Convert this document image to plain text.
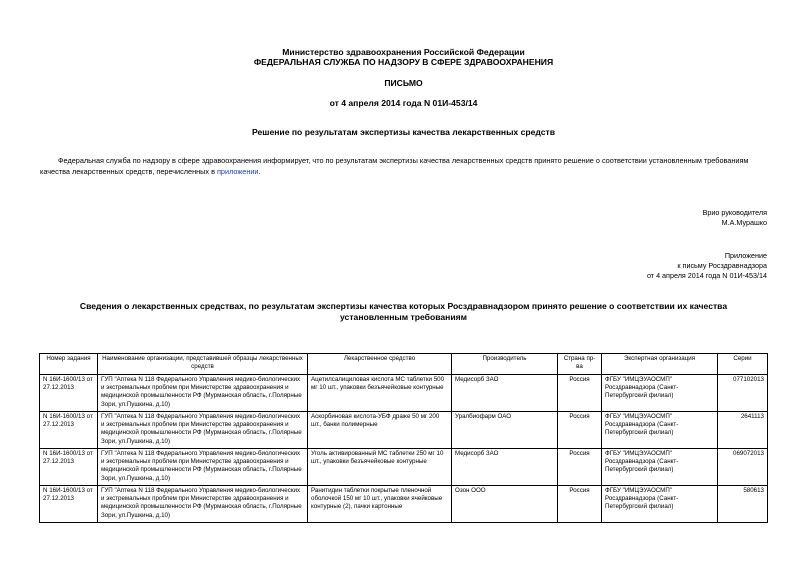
Министерство здравоохранения Российской Федерации
ФЕДЕРАЛЬНАЯ СЛУЖБА ПО НАДЗОРУ В СФЕРЕ ЗДРАВООХРАНЕНИЯ
ПИСЬМО
от 4 апреля 2014 года N 01И-453/14
Решение по результатам экспертизы качества лекарственных средств
Федеральная служба по надзору в сфере здравоохранения информирует, что по результатам экспертизы качества лекарственных средств принято решение о соответствии установленным требованиям качества лекарственных средств, перечисленных в приложении.
Врио руководителя
М.А.Мурашко
Приложение
к письму Росздравнадзора
от 4 апреля 2014 года N 01И-453/14
Сведения о лекарственных средствах, по результатам экспертизы качества которых Росздравнадзором принято решение о соответствии их качества установленным требованиям
Номер задания	Наименование организации, представившей образцы лекарственных средств	Лекарственное средство	Производитель	Страна пр-ва	Экспертная организация	Серии
N 16И-1600/13 от 27.12.2013	ГУП "Аптека N 118 Федерального Управления медико-биологических и экстремальных проблем при Министерстве здравоохранения и медицинской промышленности РФ (Мурманская область, г.Полярные Зори, ул.Пушкина, д.10)	Ацетилсалициловая кислота МС таблетки 500 мг 10 шт., упаковки безъячейковые контурные	Медисорб ЗАО	Россия	ФГБУ "ИМЦЭУАОСМП" Росздравнадзора (Санкт-Петербургский филиал)	077102013
N 16И-1600/13 от 27.12.2013	ГУП "Аптека N 118 Федерального Управления медико-биологических и экстремальных проблем при Министерстве здравоохранения и медицинской промышленности РФ (Мурманская область, г.Полярные Зори, ул.Пушкина, д.10)	Аскорбиновая кислота-УБФ драже 50 мг 200 шт., банки полимерные	Уралбиофарм ОАО	Россия	ФГБУ "ИМЦЭУАОСМП" Росздравнадзора (Санкт-Петербургский филиал)	2641113
N 16И-1600/13 от 27.12.2013	ГУП "Аптека N 118 Федерального Управления медико-биологических и экстремальных проблем при Министерстве здравоохранения и медицинской промышленности РФ (Мурманская область, г.Полярные Зори, ул.Пушкина, д.10)	Уголь активированный МС таблетки 250 мг 10 шт., упаковки безъячейковые контурные	Медисорб ЗАО	Россия	ФГБУ "ИМЦЭУАОСМП" Росздравнадзора (Санкт-Петербургский филиал)	069072013
N 16И-1600/13 от 27.12.2013	ГУП "Аптека N 118 Федерального Управления медико-биологических и экстремальных проблем при Министерстве здравоохранения и медицинской промышленности РФ (Мурманская область, г.Полярные Зори, ул.Пушкина, д.10)	Ранитидин таблетки покрытые пленочной оболочкой 150 мг 10 шт., упаковки ячейковые контурные (2), пачки картонные	Озон ООО	Россия	ФГБУ "ИМЦЭУАОСМП" Росздравнадзора (Санкт-Петербургский филиал)	580613
